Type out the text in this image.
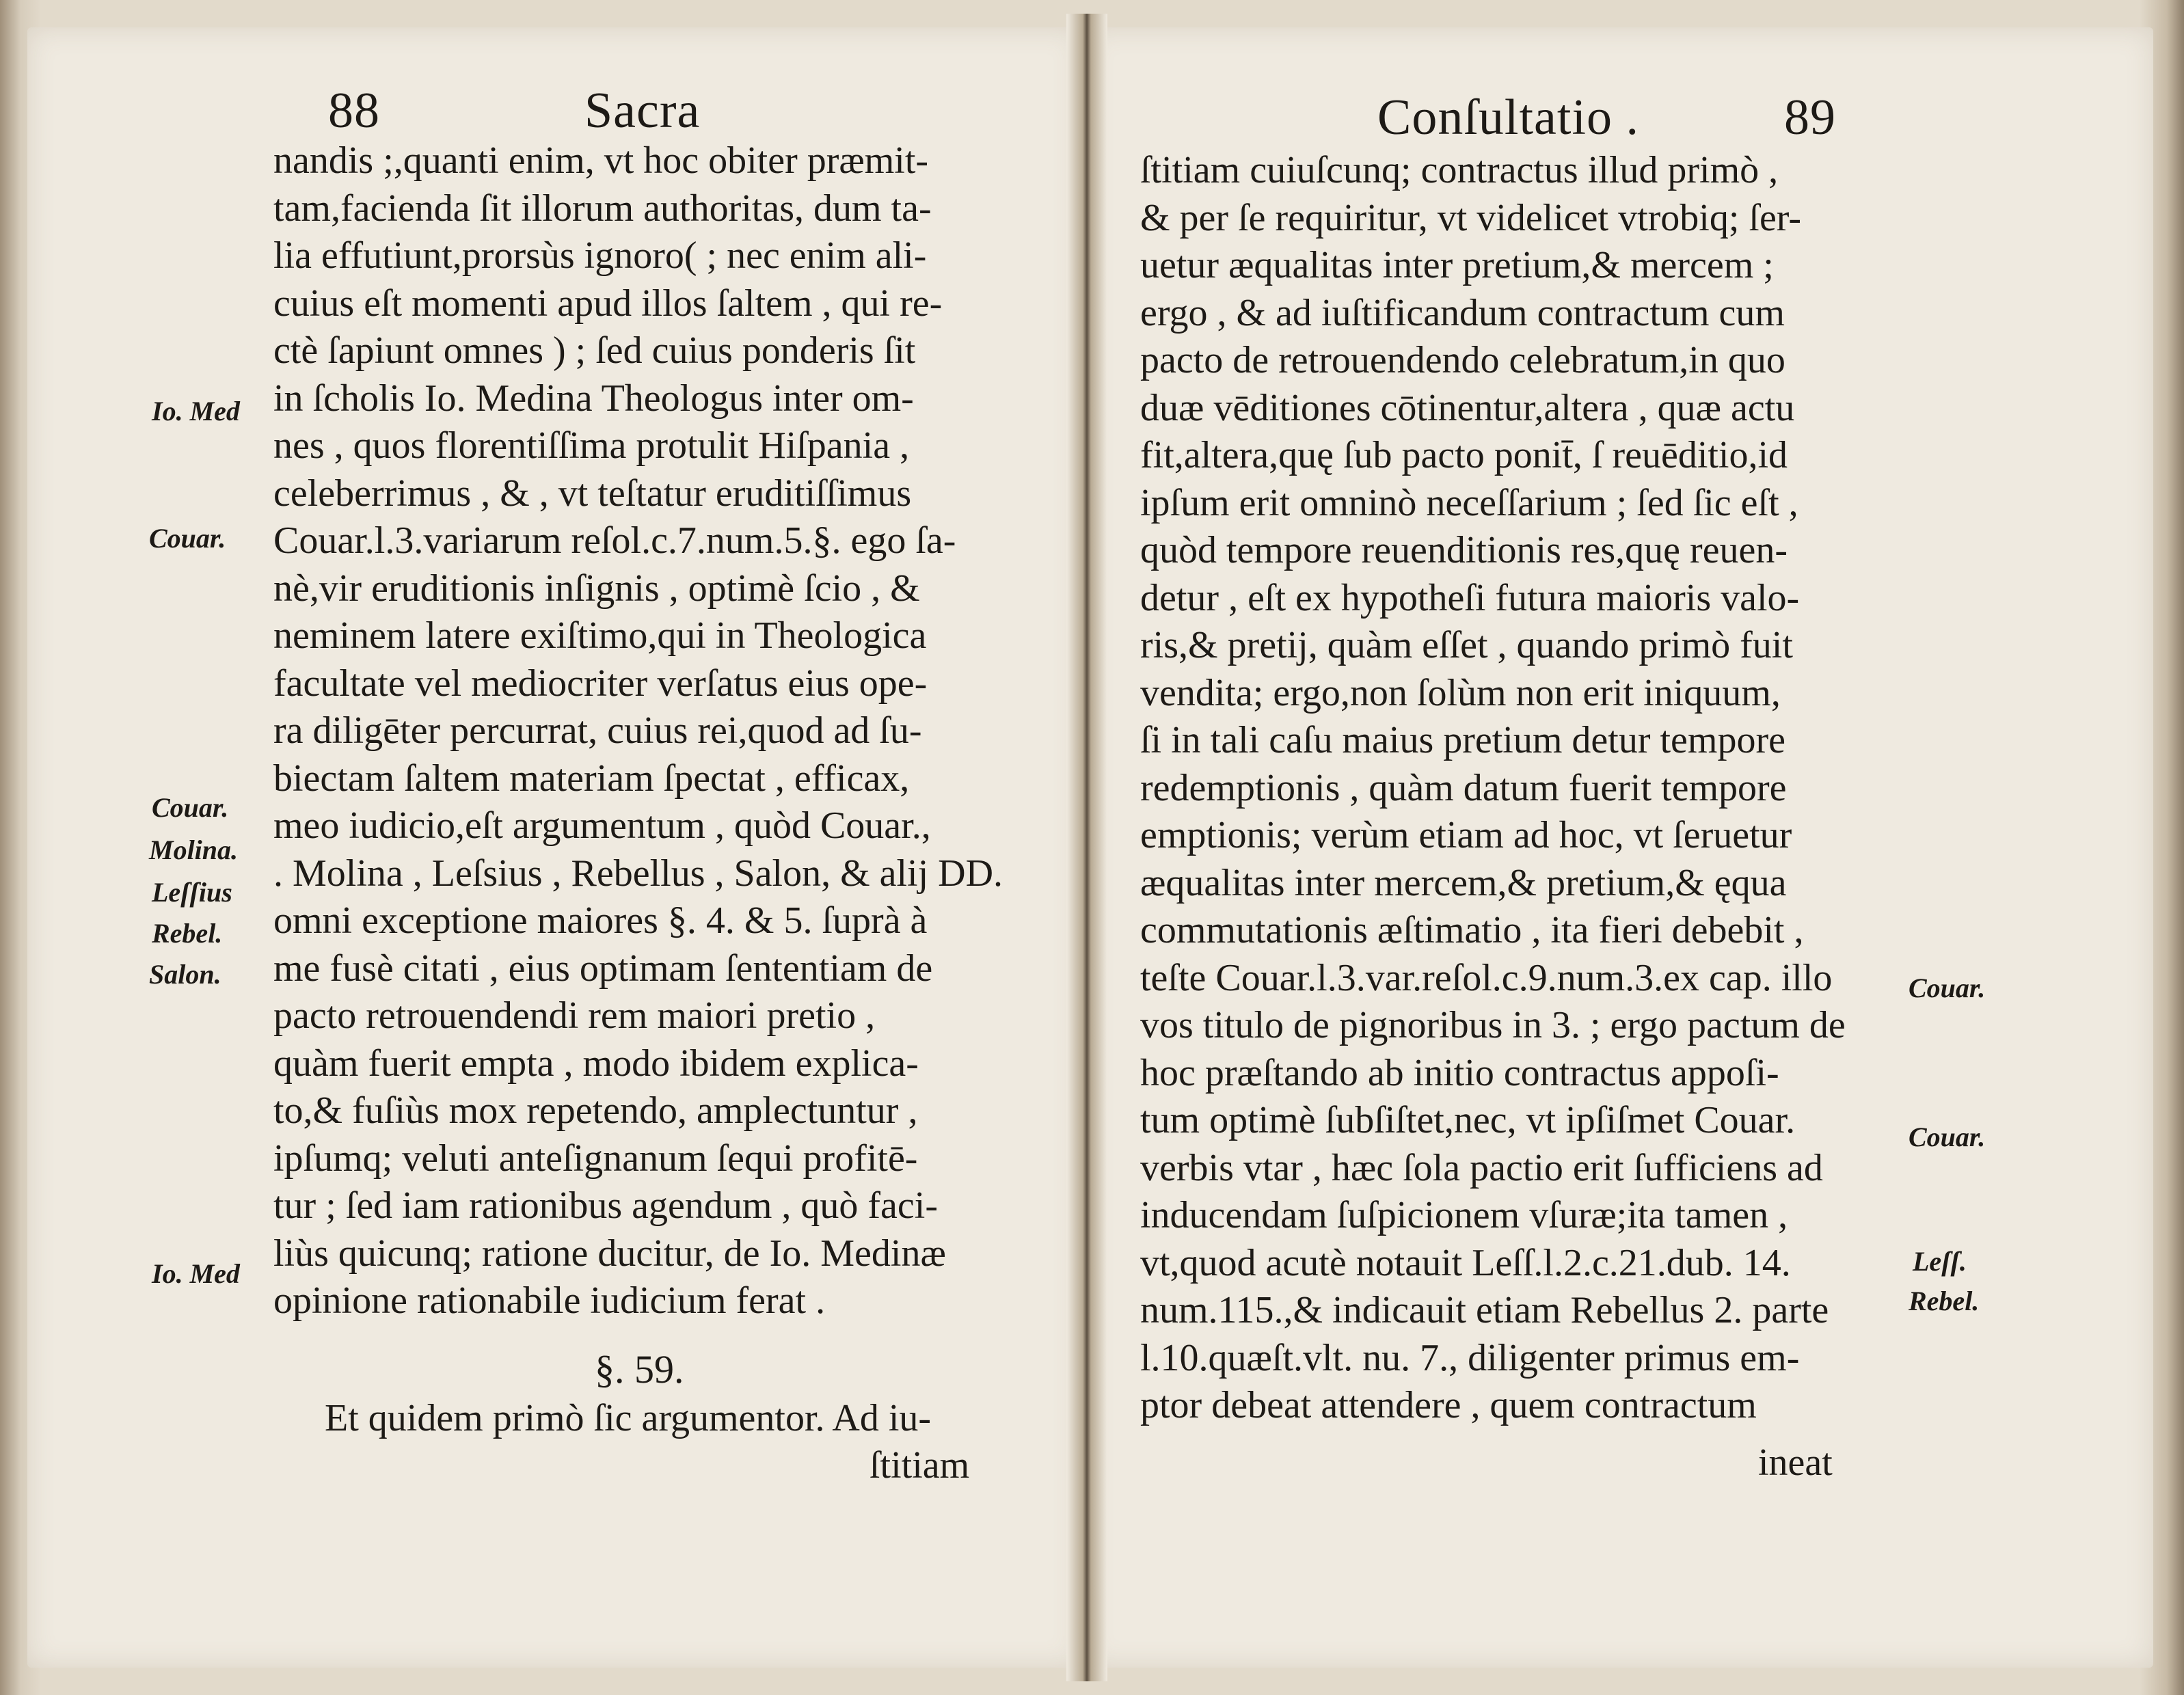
88	Sacra
nandis ;,quanti enim, vt hoc obiter præmit-
tam,facienda ſit illorum authoritas, dum ta-
lia effutiunt,prorsùs ignoro( ; nec enim ali-
cuius eſt momenti apud illos ſaltem , qui re-
ctè ſapiunt omnes ) ; ſed cuius ponderis ſit
in ſcholis Io. Medina Theologus inter om-
nes , quos florentiſſima protulit Hiſpania ,
celeberrimus , & , vt teſtatur eruditiſſimus
Couar.l.3.variarum reſol.c.7.num.5.§. ego ſa-
nè,vir eruditionis inſignis , optimè ſcio , &
neminem latere exiſtimo,qui in Theologica
facultate vel mediocriter verſatus eius ope-
ra diligēter percurrat, cuius rei,quod ad ſu-
biectam ſaltem materiam ſpectat , efficax,
meo iudicio,eſt argumentum , quòd Couar.,
. Molina , Leſsius , Rebellus , Salon, & alij DD.
omni exceptione maiores §. 4. & 5. ſuprà à
me fusè citati , eius optimam ſententiam de
pacto retrouendendi rem maiori pretio ,
quàm fuerit empta , modo ibidem explica-
to,& fuſiùs mox repetendo, amplectuntur ,
ipſumq; veluti anteſignanum ſequi profitē-
tur ; ſed iam rationibus agendum , quò faci-
liùs quicunq; ratione ducitur, de Io. Medinæ
opinione rationabile iudicium ferat .
Io. Med
Couar.
Couar.
Molina.
Leſſius
Rebel.
Salon.
Io. Med
§. 59.
Et quidem primò ſic argumentor. Ad iu-
ſtitiam
Conſultatio .	89
ſtitiam cuiuſcunq; contractus illud primò ,
& per ſe requiritur, vt videlicet vtrobiq; ſer-
uetur æqualitas inter pretium,& mercem ;
ergo , & ad iuſtificandum contractum cum
pacto de retrouendendo celebratum,in quo
duæ vēditiones cōtinentur,altera , quæ actu
fit,altera,quę ſub pacto ponit̄, ſ reuēditio,id
ipſum erit omninò neceſſarium ; ſed ſic eſt ,
quòd tempore reuenditionis res,quę reuen-
detur , eſt ex hypotheſi futura maioris valo-
ris,& pretij, quàm eſſet , quando primò fuit
vendita; ergo,non ſolùm non erit iniquum,
ſi in tali caſu maius pretium detur tempore
redemptionis , quàm datum fuerit tempore
emptionis; verùm etiam ad hoc, vt ſeruetur
æqualitas inter mercem,& pretium,& ęqua
commutationis æſtimatio , ita fieri debebit ,
teſte Couar.l.3.var.reſol.c.9.num.3.ex cap. illo
vos titulo de pignoribus in 3. ; ergo pactum de
hoc præſtando ab initio contractus appoſi-
tum optimè ſubſiſtet,nec, vt ipſiſmet Couar.
verbis vtar , hæc ſola pactio erit ſufficiens ad
inducendam ſuſpicionem vſuræ;ita tamen ,
vt,quod acutè notauit Leſſ.l.2.c.21.dub. 14.
num.115.,& indicauit etiam Rebellus 2. parte
l.10.quæſt.vlt. nu. 7., diligenter primus em-
ptor debeat attendere , quem contractum
Couar.
Couar.
Leſſ.
Rebel.
ineat
